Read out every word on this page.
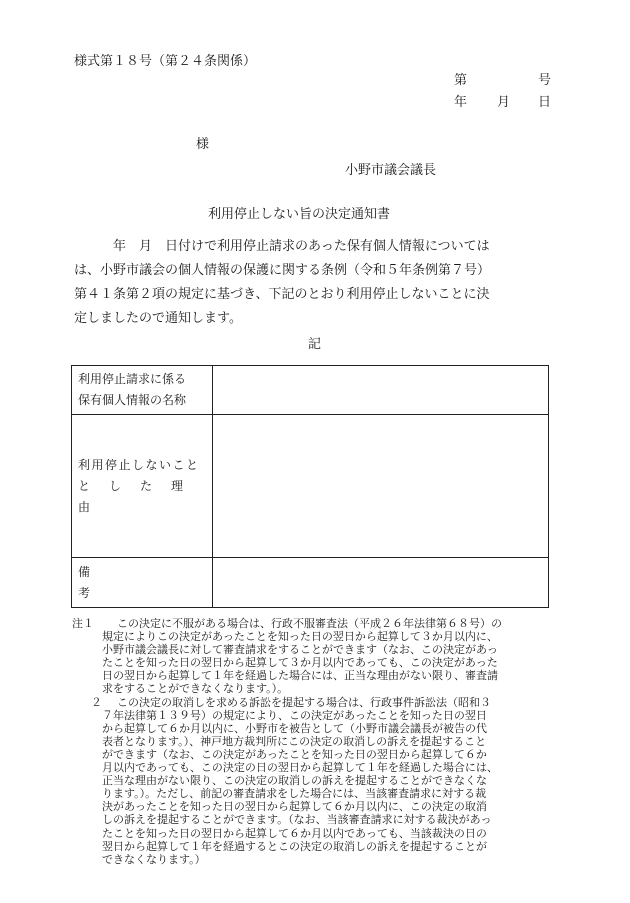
様式第１８号（第２４条関係）
第	号
年 月 日
様
小野市議会議長
利用停止しない旨の決定通知書
　　　年　月　日付けで利用停止請求のあった保有個人情報については
は、小野市議会の個人情報の保護に関する条例（令和５年条例第７号）
第４１条第２項の規定に基づき、下記のとおり利用停止しないことに決
定しましたので通知します。
記
利用停止請求に係る
保有個人情報の名称	

利用停止しないこと
とした理由	

備考	

注１	この決定に不服がある場合は、行政不服審査法（平成２６年法律第６８号）の
規定によりこの決定があったことを知った日の翌日から起算して３か月以内に、
小野市議会議長に対して審査請求をすることができます（なお、この決定があっ
たことを知った日の翌日から起算して３か月以内であっても、この決定があった
日の翌日から起算して１年を経過した場合には、正当な理由がない限り、審査請
求をすることができなくなります。）。
２	この決定の取消しを求める訴訟を提起する場合は、行政事件訴訟法（昭和３
７年法律第１３９号）の規定により、この決定があったことを知った日の翌日
から起算して６か月以内に、小野市を被告として（小野市議会議長が被告の代
表者となります。）、神戸地方裁判所にこの決定の取消しの訴えを提起すること
ができます（なお、この決定があったことを知った日の翌日から起算して６か
月以内であっても、この決定の日の翌日から起算して１年を経過した場合には、
正当な理由がない限り、この決定の取消しの訴えを提起することができなくな
ります。）。ただし、前記の審査請求をした場合には、当該審査請求に対する裁
決があったことを知った日の翌日から起算して６か月以内に、この決定の取消
しの訴えを提起することができます。（なお、当該審査請求に対する裁決があっ
たことを知った日の翌日から起算して６か月以内であっても、当該裁決の日の
翌日から起算して１年を経過するとこの決定の取消しの訴えを提起することが
できなくなります。）
